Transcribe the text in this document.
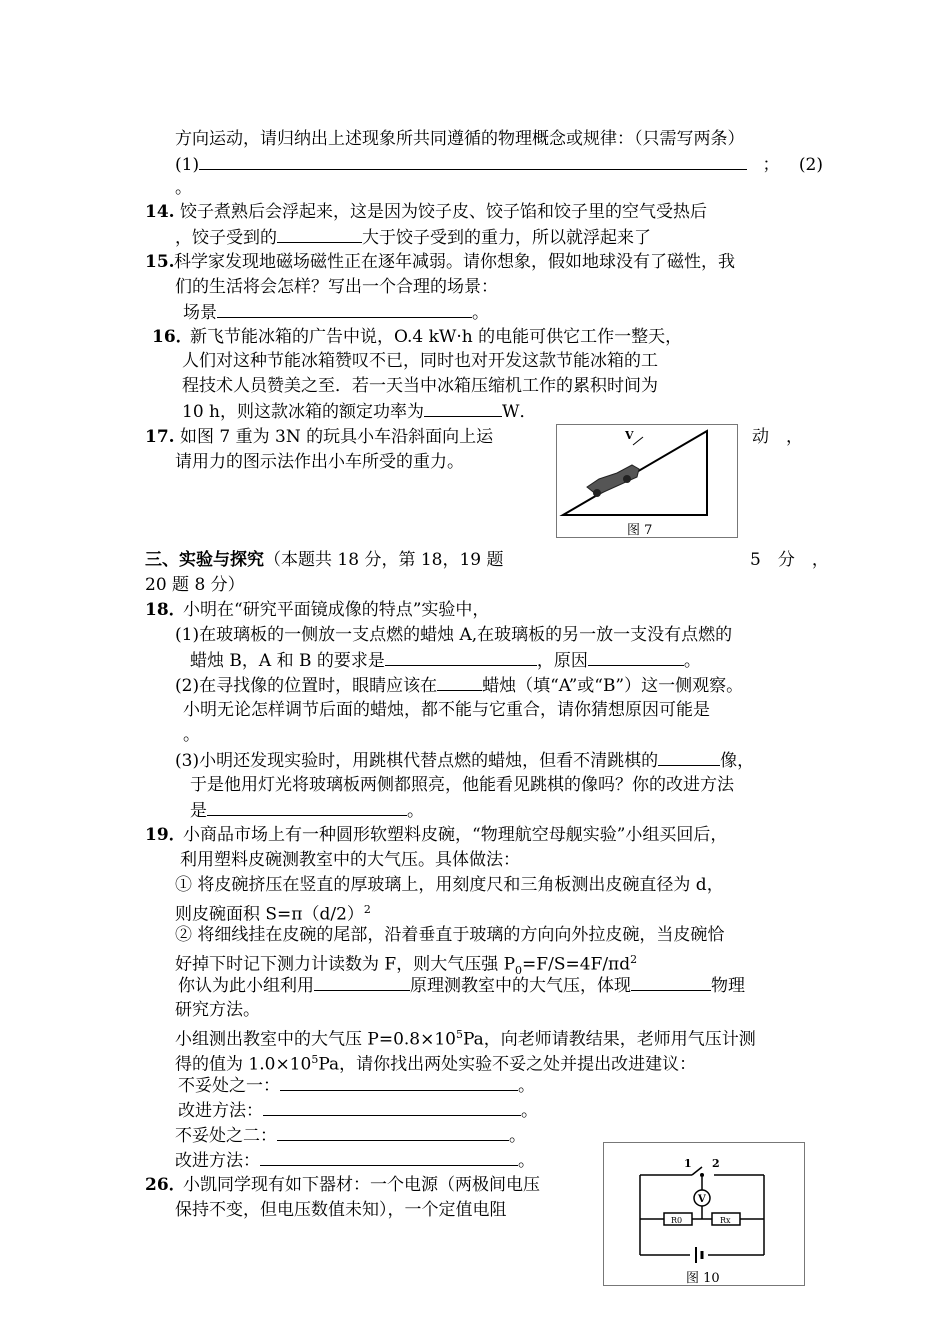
方向运动，请归纳出上述现象所共同遵循的物理概念或规律：（只需写两条）
(1)	； (2)
。
14. 饺子煮熟后会浮起来，这是因为饺子皮、饺子馅和饺子里的空气受热后
，饺子受到的	大于饺子受到的重力，所以就浮起来了
15. 科学家发现地磁场磁性正在逐年减弱。请你想象，假如地球没有了磁性，我
们的生活将会怎样？写出一个合理的场景：
场景	。
16．
新飞节能冰箱的广告中说，O.4 kW·h 的电能可供它工作一整天，
人们对这种节能冰箱赞叹不已，同时也对开发这款节能冰箱的工
程技术人员赞美之至．若一天当中冰箱压缩机工作的累积时间为
10 h，则这款冰箱的额定功率为	W．
17. 如图 7 重为 3N 的玩具小车沿斜面向上运	动　，
请用力的图示法作出小车所受的重力。
V
图 7
三、实验与探究（本题共 18 分，第 18，19 题	5　分　，
20 题 8 分）
18．
小明在“研究平面镜成像的特点”实验中，
(1)在玻璃板的一侧放一支点燃的蜡烛 A,在玻璃板的另一放一支没有点燃的
蜡烛 B，A 和 B 的要求是	，原因	。
(2)在寻找像的位置时，眼睛应该在	蜡烛（填“A”或“B”）这一侧观察。
小明无论怎样调节后面的蜡烛，都不能与它重合，请你猜想原因可能是
。
(3)小明还发现实验时，用跳棋代替点燃的蜡烛，但看不清跳棋的	像，
于是他用灯光将玻璃板两侧都照亮，他能看见跳棋的像吗？你的改进方法
是	。
19．
小商品市场上有一种圆形软塑料皮碗，“物理航空母舰实验”小组买回后，
利用塑料皮碗测教室中的大气压。具体做法：
① 将皮碗挤压在竖直的厚玻璃上，用刻度尺和三角板测出皮碗直径为 d，
则皮碗面积 $S=\pi(d/2)^2$
② 将细线挂在皮碗的尾部，沿着垂直于玻璃的方向向外拉皮碗，当皮碗恰
好掉下时记下测力计读数为 F，则大气压强 $P_0=F/S=4F/\pi d^2$
你认为此小组利用	原理测教室中的大气压，体现	物理
研究方法。
小组测出教室中的大气压 $P=0.8\times 10^5Pa$，向老师请教结果，老师用气压计测
得的值为 $1.0\times 10^5Pa$，请你找出两处实验不妥之处并提出改进建议：
不妥处之一：	。
改进方法：	。
不妥处之二：	。
改进方法：	。
26．
小凯同学现有如下器材：一个电源（两极间电压
保持不变，但电压数值未知），一个定值电阻
1 2
V
R0	Rx
图 10
